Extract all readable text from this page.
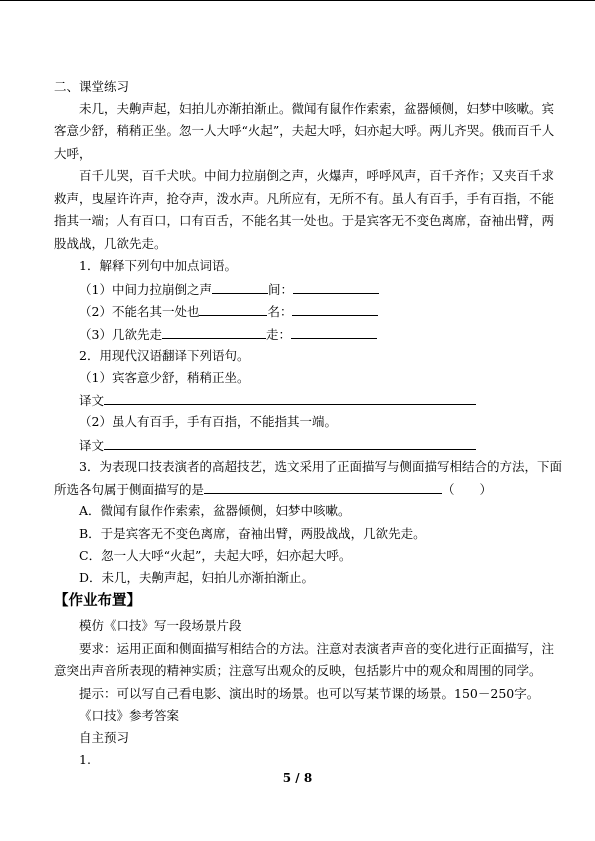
二、课堂练习
未几，夫齁声起，妇拍儿亦渐拍渐止。微闻有鼠作作索索，盆器倾侧，妇梦中咳嗽。宾
客意少舒，稍稍正坐。忽一人大呼“火起”，夫起大呼，妇亦起大呼。两儿齐哭。俄而百千人
大呼，
百千儿哭，百千犬吠。中间力拉崩倒之声，火爆声，呼呼风声，百千齐作；又夹百千求
救声，曳屋许许声，抢夺声，泼水声。凡所应有，无所不有。虽人有百手，手有百指，不能
指其一端；人有百口，口有百舌，不能名其一处也。于是宾客无不变色离席，奋袖出臂，两
股战战，几欲先走。
1．解释下列句中加点词语。
（1）中间力拉崩倒之声	间：
（2）不能名其一处也	名：
（3）几欲先走	走：
2．用现代汉语翻译下列语句。
（1）宾客意少舒，稍稍正坐。
译文
（2）虽人有百手，手有百指，不能指其一端。
译文
3．为表现口技表演者的高超技艺，选文采用了正面描写与侧面描写相结合的方法，下面
所选各句属于侧面描写的是	（　　）
A．微闻有鼠作作索索，盆器倾侧，妇梦中咳嗽。
B．于是宾客无不变色离席，奋袖出臂，两股战战，几欲先走。
C．忽一人大呼“火起”，夫起大呼，妇亦起大呼。
D．未几，夫齁声起，妇拍儿亦渐拍渐止。
【作业布置】
模仿《口技》写一段场景片段
要求：运用正面和侧面描写相结合的方法。注意对表演者声音的变化进行正面描写，注
意突出声音所表现的精神实质；注意写出观众的反映，包括影片中的观众和周围的同学。
提示：可以写自己看电影、演出时的场景。也可以写某节课的场景。150－250字。
《口技》参考答案
自主预习
1.
5 / 8
